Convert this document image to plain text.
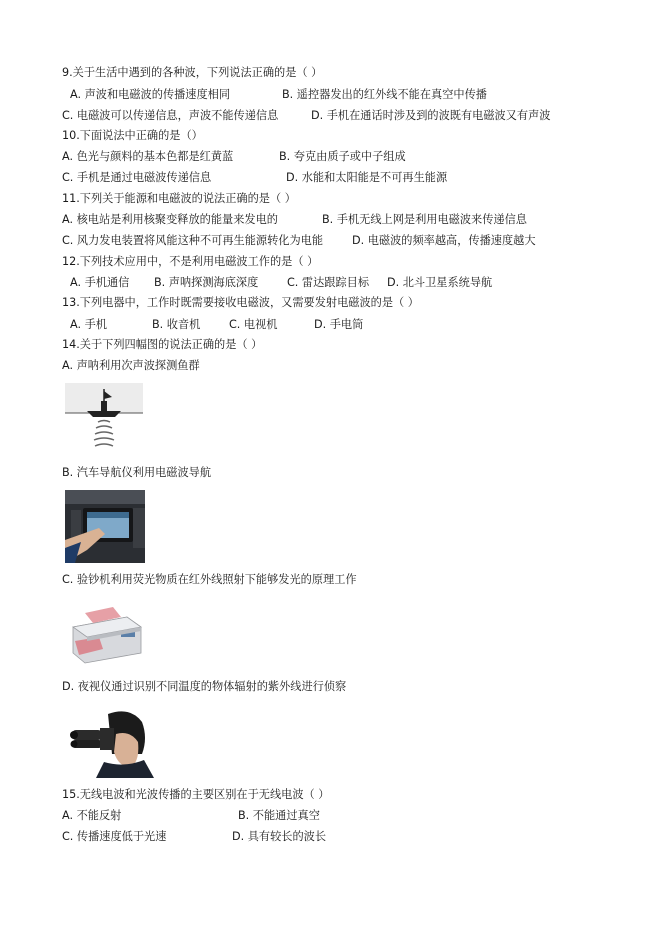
9.关于生活中遇到的各种波，下列说法正确的是（ ）
A. 声波和电磁波的传播速度相同	B. 遥控器发出的红外线不能在真空中传播
C. 电磁波可以传递信息，声波不能传递信息	D. 手机在通话时涉及到的波既有电磁波又有声波
10.下面说法中正确的是（）
A. 色光与颜料的基本色都是红黄蓝	B. 夸克由质子或中子组成
C. 手机是通过电磁波传递信息	D. 水能和太阳能是不可再生能源
11.下列关于能源和电磁波的说法正确的是（ ）
A. 核电站是利用核聚变释放的能量来发电的	B. 手机无线上网是利用电磁波来传递信息
C. 风力发电装置将风能这种不可再生能源转化为电能	D. 电磁波的频率越高，传播速度越大
12.下列技术应用中，不是利用电磁波工作的是（ ）
A. 手机通信 B. 声呐探测海底深度	C. 雷达跟踪目标 D. 北斗卫星系统导航
13.下列电器中，工作时既需要接收电磁波，又需要发射电磁波的是（ ）
A. 手机	B. 收音机	C. 电视机	D. 手电筒
14.关于下列四幅图的说法正确的是（ ）
A. 声呐利用次声波探测鱼群
B. 汽车导航仪利用电磁波导航
C. 验钞机利用荧光物质在红外线照射下能够发光的原理工作
D. 夜视仪通过识别不同温度的物体辐射的紫外线进行侦察
15.无线电波和光波传播的主要区别在于无线电波（ ）
A. 不能反射	B. 不能通过真空
C. 传播速度低于光速	D. 具有较长的波长
